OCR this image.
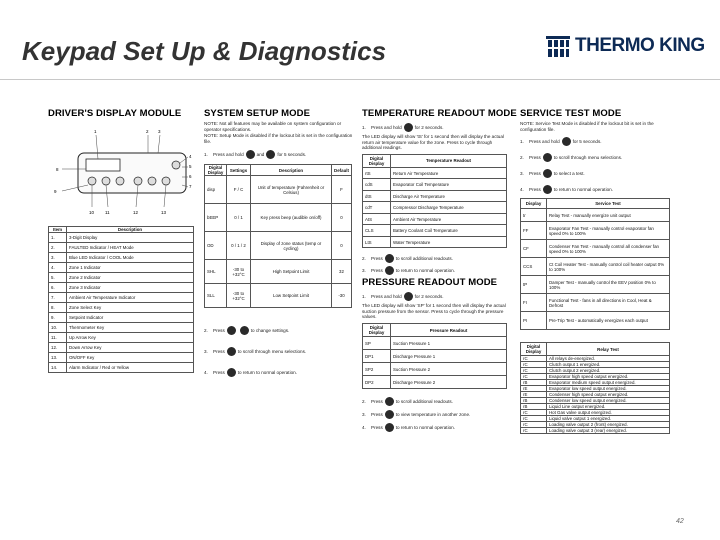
Keypad Set Up & Diagnostics	THERMO KING
DRIVER'S DISPLAY MODULE
1	2 3
4
5
6
7
8
9
10 11	12	13
Item	Description
1.	3-Digit Display
2.	FAULTED Indicator / HEAT Mode
3.	Blue LED Indicator / COOL Mode
4.	Zone 1 Indicator
5.	Zone 2 Indicator
6.	Zone 3 Indicator
7.	Ambient Air Temperature Indicator
8.	Zone Select Key
9.	Setpoint Indicator
10.	Thermometer Key
11.	Up Arrow Key
12.	Down Arrow Key
13.	ON/OFF Key
14.	Alarm Indicator / Red or Yellow
SYSTEM SETUP MODE
NOTE: Not all features may be available on system configuration or operator specifications.
NOTE: Setup Mode is disabled if the lockout bit is set in the configuration file.
1.	Press and hold	and	for 5 seconds.
Digital Display	Settings	Description	Default
disp	F / C	Unit of temperature (Fahrenheit or Celsius)	F
bEEP	0 / 1	Key press beep (audible on/off)	0
OD	0 / 1 / 2	Display of zone status (temp or cycling)	0
SHL	-30 to +32°C	High Setpoint Limit	32
SLL	-30 to +32°C	Low Setpoint Limit	-30
2.	Press	to change settings.
3.	Press	to scroll through menu selections.
4.	Press	to return to normal operation.
TEMPERATURE READOUT MODE
1.	Press and hold	for 2 seconds.
The LED display will show 'tS' for 1 second then will display the actual return air temperature value for the zone. Press to cycle through additional readings.
Digital Display	Temperature Readout
rtS	Return Air Temperature
cdS	Evaporator Coil Temperature
dtS	Discharge Air Temperature
cdT	Compressor Discharge Temperature
AtS	Ambient Air Temperature
CLS	Battery Coolant Coil Temperature
LtS	Water Temperature
2.	Press	to scroll additional readouts.
3.	Press	to return to normal operation.
PRESSURE READOUT MODE
1.	Press and hold	for 2 seconds.
The LED display will show 'SP' for 1 second then will display the actual suction pressure from the sensor. Press to cycle through the pressure values.
Digital Display	Pressure Readout
SP	Suction Pressure 1
DP1	Discharge Pressure 1
SP2	Suction Pressure 2
DP2	Discharge Pressure 2
2.	Press	to scroll additional readouts.
3.	Press	to view temperature in another zone.
4.	Press	to return to normal operation.
SERVICE TEST MODE
NOTE: Service Test Mode is disabled if the lockout bit is set in the configuration file.
1.	Press and hold	for 5 seconds.
2.	Press	to scroll through menu selections.
3.	Press	to select a test.
4.	Press	to return to normal operation.
Display	Service Test
tr	Relay Test - manually energize unit output
FF	Evaporator Fan Test - manually control evaporator fan speed 0% to 100%
CF	Condenser Fan Test - manually control all condenser fan speed 0% to 100%
CCS	Ct Coil Heater Test - manually control coil heater output 0% to 100%
tP	Damper Test - manually control the EEV position 0% to 100%
FI	Functional Test - fans in all directions in Cool, Heat & Defrost
PI	Pre-Trip Test - automatically energizes each output
Digital Display	Relay Test
rC	All relays de-energized.
rC	Clutch output 1 energized.
rC	Clutch output 2 energized.
rC	Evaporator high speed output energized.
rB	Evaporator medium speed output energized.
rE	Evaporator low speed output energized.
rE	Condenser high speed output energized.
rB	Condenser low speed output energized.
rB	Liquid Line output energized.
rC	Hot Gas valve output energized.
rC	Liquid valve output 1 energized.
rC	Loading valve output 2 (front) energized.
rC	Loading valve output 3 (rear) energized.
42
